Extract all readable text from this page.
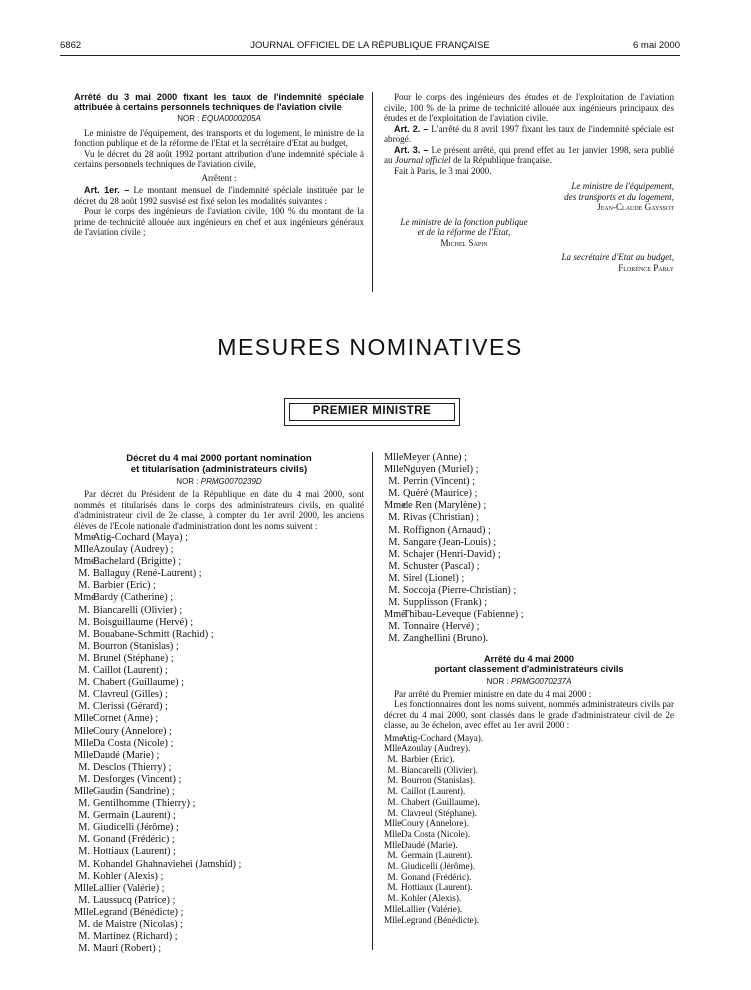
6862	JOURNAL OFFICIEL DE LA RÉPUBLIQUE FRANÇAISE	6 mai 2000
Arrêté du 3 mai 2000 fixant les taux de l'indemnité spéciale attribuée à certains personnels techniques de l'aviation civile
NOR : EQUA0000205A

Le ministre de l'équipement, des transports et du logement, le ministre de la fonction publique et de la réforme de l'Etat et la secrétaire d'Etat au budget,

Vu le décret du 28 août 1992 portant attribution d'une indemnité spéciale à certains personnels techniques de l'aviation civile,

Arrêtent :

Art. 1er. – Le montant mensuel de l'indemnité spéciale instituée par le décret du 28 août 1992 susvisé est fixé selon les modalités suivantes :

Pour le corps des ingénieurs de l'aviation civile, 100 % du montant de la prime de technicité allouée aux ingénieurs en chef et aux ingénieurs généraux de l'aviation civile ;

Pour le corps des ingénieurs des études et de l'exploitation de l'aviation civile, 100 % de la prime de technicité allouée aux ingénieurs principaux des études et de l'exploitation de l'aviation civile.

Art. 2. – L'arrêté du 8 avril 1997 fixant les taux de l'indemnité spéciale est abrogé.

Art. 3. – Le présent arrêté, qui prend effet au 1er janvier 1998, sera publié au Journal officiel de la République française.

Fait à Paris, le 3 mai 2000.

Le ministre de l'équipement,
des transports et du logement,
Jean-Claude Gayssot
Le ministre de la fonction publique
et de la réforme de l'Etat,
Michel Sapin
La secrétaire d'Etat au budget,
Florence Parly
MESURES NOMINATIVES
PREMIER MINISTRE
Décret du 4 mai 2000 portant nomination
et titularisation (administrateurs civils)
NOR : PRMG0070239D

Par décret du Président de la République en date du 4 mai 2000, sont nommés et titularisés dans le corps des administrateurs civils, en qualité d'administrateur civil de 2e classe, à compter du 1er avril 2000, les anciens élèves de l'Ecole nationale d'administration dont les noms suivent :

MmeAtig-Cochard (Maya) ;
MlleAzoulay (Audrey) ;
MmeBachelard (Brigitte) ;
M. Ballaguy (René-Laurent) ;
M. Barbier (Eric) ;
MmeBardy (Catherine) ;
M. Biancarelli (Olivier) ;
M. Boisguillaume (Hervé) ;
M. Bouabane-Schmitt (Rachid) ;
M. Bourron (Stanislas) ;
M. Brunel (Stéphane) ;
M. Caillot (Laurent) ;
M. Chabert (Guillaume) ;
M. Clavreul (Gilles) ;
M. Clerissi (Gérard) ;
MlleCornet (Anne) ;
MlleCoury (Annelore) ;
MlleDa Costa (Nicole) ;
MlleDaudé (Marie) ;
M. Desclos (Thierry) ;
M. Desforges (Vincent) ;
MlleGaudin (Sandrine) ;
M. Gentilhomme (Thierry) ;
M. Germain (Laurent) ;
M. Giudicelli (Jérôme) ;
M. Gonand (Frédéric) ;
M. Hottiaux (Laurent) ;
M. Kohandel Ghahnaviehei (Jamshid) ;
M. Kohler (Alexis) ;
MlleLallier (Valérie) ;
M. Laussucq (Patrice) ;
MlleLegrand (Bénédicte) ;
M. de Maistre (Nicolas) ;
M. Martinez (Richard) ;
M. Mauri (Robert) ;
MlleMeyer (Anne) ;
MlleNguyen (Muriel) ;
M. Perrin (Vincent) ;
M. Quéré (Maurice) ;
Mmede Ren (Marylène) ;
M. Rivas (Christian) ;
M. Roffignon (Arnaud) ;
M. Sangare (Jean-Louis) ;
M. Schajer (Henri-David) ;
M. Schuster (Pascal) ;
M. Sirel (Lionel) ;
M. Soccoja (Pierre-Christian) ;
M. Supplisson (Frank) ;
MmeThibau-Leveque (Fabienne) ;
M. Tonnaire (Hervé) ;
M. Zanghellini (Bruno).
Arrêté du 4 mai 2000
portant classement d'administrateurs civils
NOR : PRMG0070237A

Par arrêté du Premier ministre en date du 4 mai 2000 :

Les fonctionnaires dont les noms suivent, nommés administrateurs civils par décret du 4 mai 2000, sont classés dans le grade d'administrateur civil de 2e classe, au 3e échelon, avec effet au 1er avril 2000 :

MmeAtig-Cochard (Maya).
MlleAzoulay (Audrey).
M. Barbier (Eric).
M. Biancarelli (Olivier).
M. Bourron (Stanislas).
M. Caillot (Laurent).
M. Chabert (Guillaume).
M. Clavreul (Stéphane).
MlleCoury (Annelore).
MlleDa Costa (Nicole).
MlleDaudé (Marie).
M. Germain (Laurent).
M. Giudicelli (Jérôme).
M. Gonand (Frédéric).
M. Hottiaux (Laurent).
M. Kohler (Alexis).
MlleLallier (Valérie).
MlleLegrand (Bénédicte).
